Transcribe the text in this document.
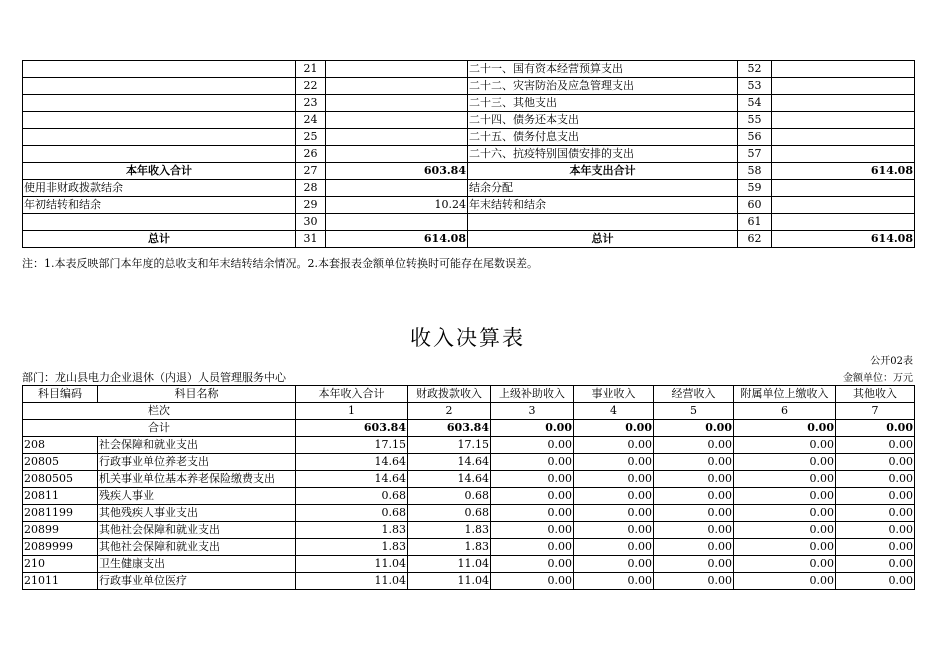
	21		二十一、国有资本经营预算支出	52	
	22		二十二、灾害防治及应急管理支出	53	
	23		二十三、其他支出	54	
	24		二十四、债务还本支出	55	
	25		二十五、债务付息支出	56	
	26		二十六、抗疫特别国债安排的支出	57	
本年收入合计	27	603.84	本年支出合计	58	614.08
使用非财政拨款结余	28		结余分配	59	
年初结转和结余	29	10.24	年末结转和结余	60	
	30			61	
总计	31	614.08	总计	62	614.08
注：1.本表反映部门本年度的总收支和年末结转结余情况。2.本套报表金额单位转换时可能存在尾数误差。
收入决算表
公开02表
部门：龙山县电力企业退休（内退）人员管理服务中心	金额单位：万元
科目编码	科目名称	本年收入合计	财政拨款收入	上级补助收入	事业收入	经营收入	附属单位上缴收入	其他收入
栏次		1	2	3	4	5	6	7
合计		603.84	603.84	0.00	0.00	0.00	0.00	0.00
208	社会保障和就业支出	17.15	17.15	0.00	0.00	0.00	0.00	0.00
20805	行政事业单位养老支出	14.64	14.64	0.00	0.00	0.00	0.00	0.00
2080505	机关事业单位基本养老保险缴费支出	14.64	14.64	0.00	0.00	0.00	0.00	0.00
20811	残疾人事业	0.68	0.68	0.00	0.00	0.00	0.00	0.00
2081199	其他残疾人事业支出	0.68	0.68	0.00	0.00	0.00	0.00	0.00
20899	其他社会保障和就业支出	1.83	1.83	0.00	0.00	0.00	0.00	0.00
2089999	其他社会保障和就业支出	1.83	1.83	0.00	0.00	0.00	0.00	0.00
210	卫生健康支出	11.04	11.04	0.00	0.00	0.00	0.00	0.00
21011	行政事业单位医疗	11.04	11.04	0.00	0.00	0.00	0.00	0.00
